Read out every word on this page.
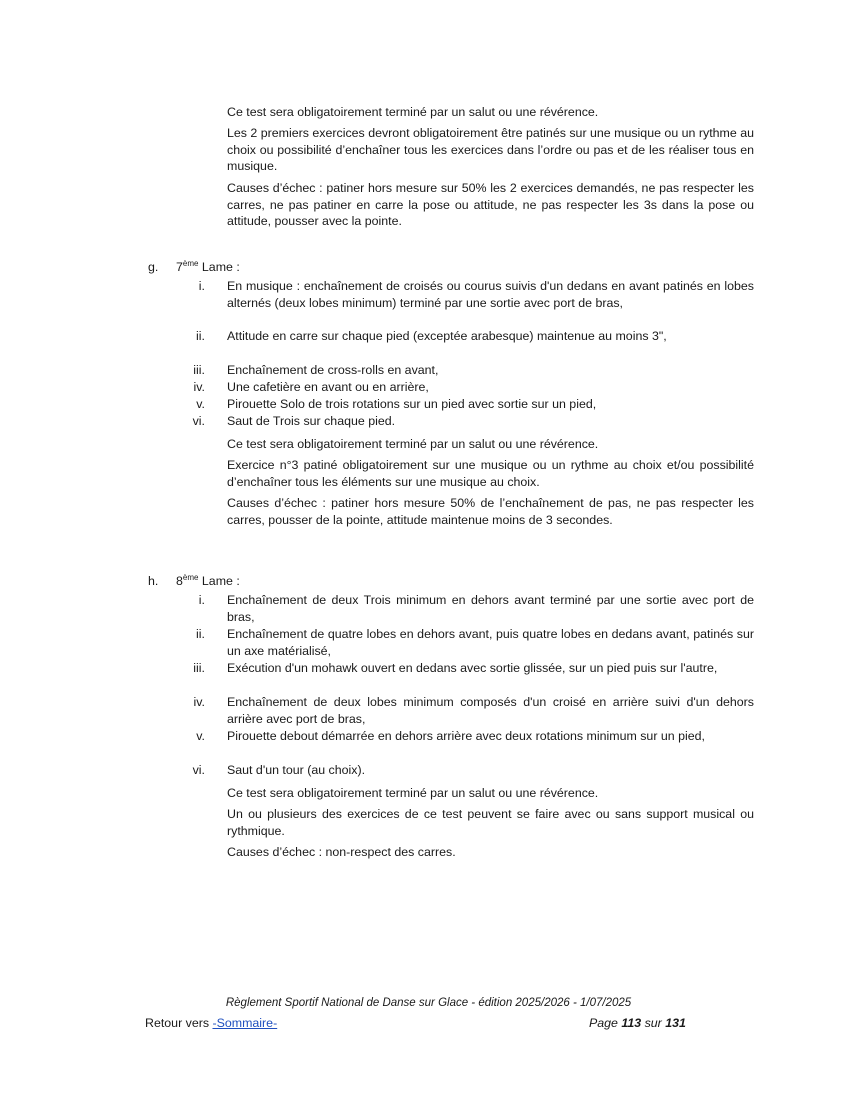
Ce test sera obligatoirement terminé par un salut ou une révérence.

Les 2 premiers exercices devront obligatoirement être patinés sur une musique ou un rythme au choix ou possibilité d’enchaîner tous les exercices dans l’ordre ou pas et de les réaliser tous en musique.

Causes d’échec : patiner hors mesure sur 50% les 2 exercices demandés, ne pas respecter les carres, ne pas patiner en carre la pose ou attitude, ne pas respecter les 3s dans la pose ou attitude, pousser avec la pointe.

g. 7ème Lame :
i. En musique : enchaînement de croisés ou courus suivis d'un dedans en avant patinés en lobes alternés (deux lobes minimum) terminé par une sortie avec port de bras,
ii. Attitude en carre sur chaque pied (exceptée arabesque) maintenue au moins 3",
iii. Enchaînement de cross-rolls en avant,
iv. Une cafetière en avant ou en arrière,
v. Pirouette Solo de trois rotations sur un pied avec sortie sur un pied,
vi. Saut de Trois sur chaque pied.

Ce test sera obligatoirement terminé par un salut ou une révérence.

Exercice n°3 patiné obligatoirement sur une musique ou un rythme au choix et/ou possibilité d’enchaîner tous les éléments sur une musique au choix.

Causes d’échec : patiner hors mesure 50% de l’enchaînement de pas, ne pas respecter les carres, pousser de la pointe, attitude maintenue moins de 3 secondes.

h. 8ème Lame :
i. Enchaînement de deux Trois minimum en dehors avant terminé par une sortie avec port de bras,
ii. Enchaînement de quatre lobes en dehors avant, puis quatre lobes en dedans avant, patinés sur un axe matérialisé,
iii. Exécution d'un mohawk ouvert en dedans avec sortie glissée, sur un pied puis sur l'autre,
iv. Enchaînement de deux lobes minimum composés d'un croisé en arrière suivi d'un dehors arrière avec port de bras,
v. Pirouette debout démarrée en dehors arrière avec deux rotations minimum sur un pied,
vi. Saut d'un tour (au choix).

Ce test sera obligatoirement terminé par un salut ou une révérence.

Un ou plusieurs des exercices de ce test peuvent se faire avec ou sans support musical ou rythmique.

Causes d’échec : non-respect des carres.

Règlement Sportif National de Danse sur Glace - édition 2025/2026 - 1/07/2025
Retour vers -Sommaire-	Page 113 sur 131
